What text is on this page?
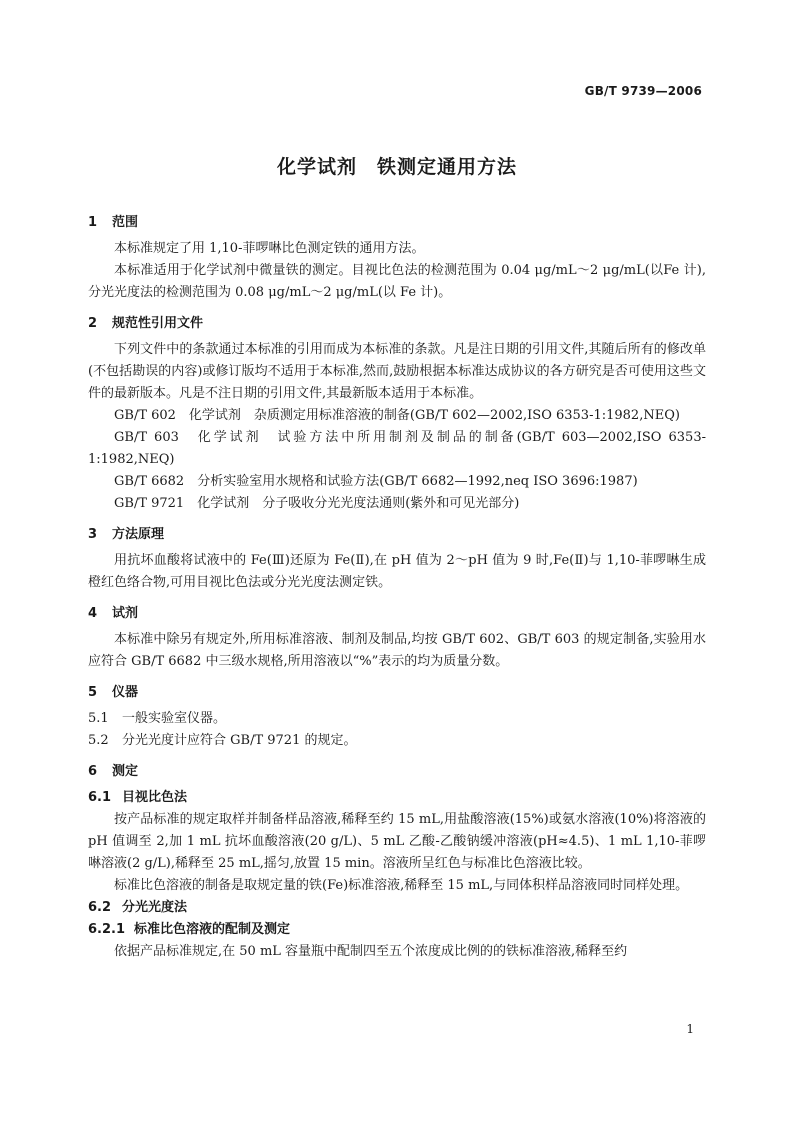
GB/T 9739—2006
化学试剂　铁测定通用方法
1 范围

本标准规定了用 1,10-菲啰啉比色测定铁的通用方法。

本标准适用于化学试剂中微量铁的测定。目视比色法的检测范围为 0.04 μg/mL～2 μg/mL(以Fe 计),分光光度法的检测范围为 0.08 μg/mL～2 μg/mL(以 Fe 计)。

2 规范性引用文件

下列文件中的条款通过本标准的引用而成为本标准的条款。凡是注日期的引用文件,其随后所有的修改单(不包括勘误的内容)或修订版均不适用于本标准,然而,鼓励根据本标准达成协议的各方研究是否可使用这些文件的最新版本。凡是不注日期的引用文件,其最新版本适用于本标准。

GB/T 602　化学试剂　杂质测定用标准溶液的制备(GB/T 602—2002,ISO 6353-1:1982,NEQ)

GB/T 603　化学试剂　试验方法中所用制剂及制品的制备(GB/T 603—2002,ISO 6353-1:1982,NEQ)

GB/T 6682　分析实验室用水规格和试验方法(GB/T 6682—1992,neq ISO 3696:1987)

GB/T 9721　化学试剂　分子吸收分光光度法通则(紫外和可见光部分)

3 方法原理

用抗坏血酸将试液中的 Fe(Ⅲ)还原为 Fe(Ⅱ),在 pH 值为 2～pH 值为 9 时,Fe(Ⅱ)与 1,10-菲啰啉生成橙红色络合物,可用目视比色法或分光光度法测定铁。

4 试剂

本标准中除另有规定外,所用标准溶液、制剂及制品,均按 GB/T 602、GB/T 603 的规定制备,实验用水应符合 GB/T 6682 中三级水规格,所用溶液以“%”表示的均为质量分数。

5 仪器
5.1 一般实验室仪器。
5.2 分光光度计应符合 GB/T 9721 的规定。
6 测定
6.1 目视比色法

按产品标准的规定取样并制备样品溶液,稀释至约 15 mL,用盐酸溶液(15%)或氨水溶液(10%)将溶液的 pH 值调至 2,加 1 mL 抗坏血酸溶液(20 g/L)、5 mL 乙酸-乙酸钠缓冲溶液(pH≈4.5)、1 mL 1,10-菲啰啉溶液(2 g/L),稀释至 25 mL,摇匀,放置 15 min。溶液所呈红色与标准比色溶液比较。

标准比色溶液的制备是取规定量的铁(Fe)标准溶液,稀释至 15 mL,与同体积样品溶液同时同样处理。

6.2 分光光度法
6.2.1 标准比色溶液的配制及测定

依据产品标准规定,在 50 mL 容量瓶中配制四至五个浓度成比例的的铁标准溶液,稀释至约

1
